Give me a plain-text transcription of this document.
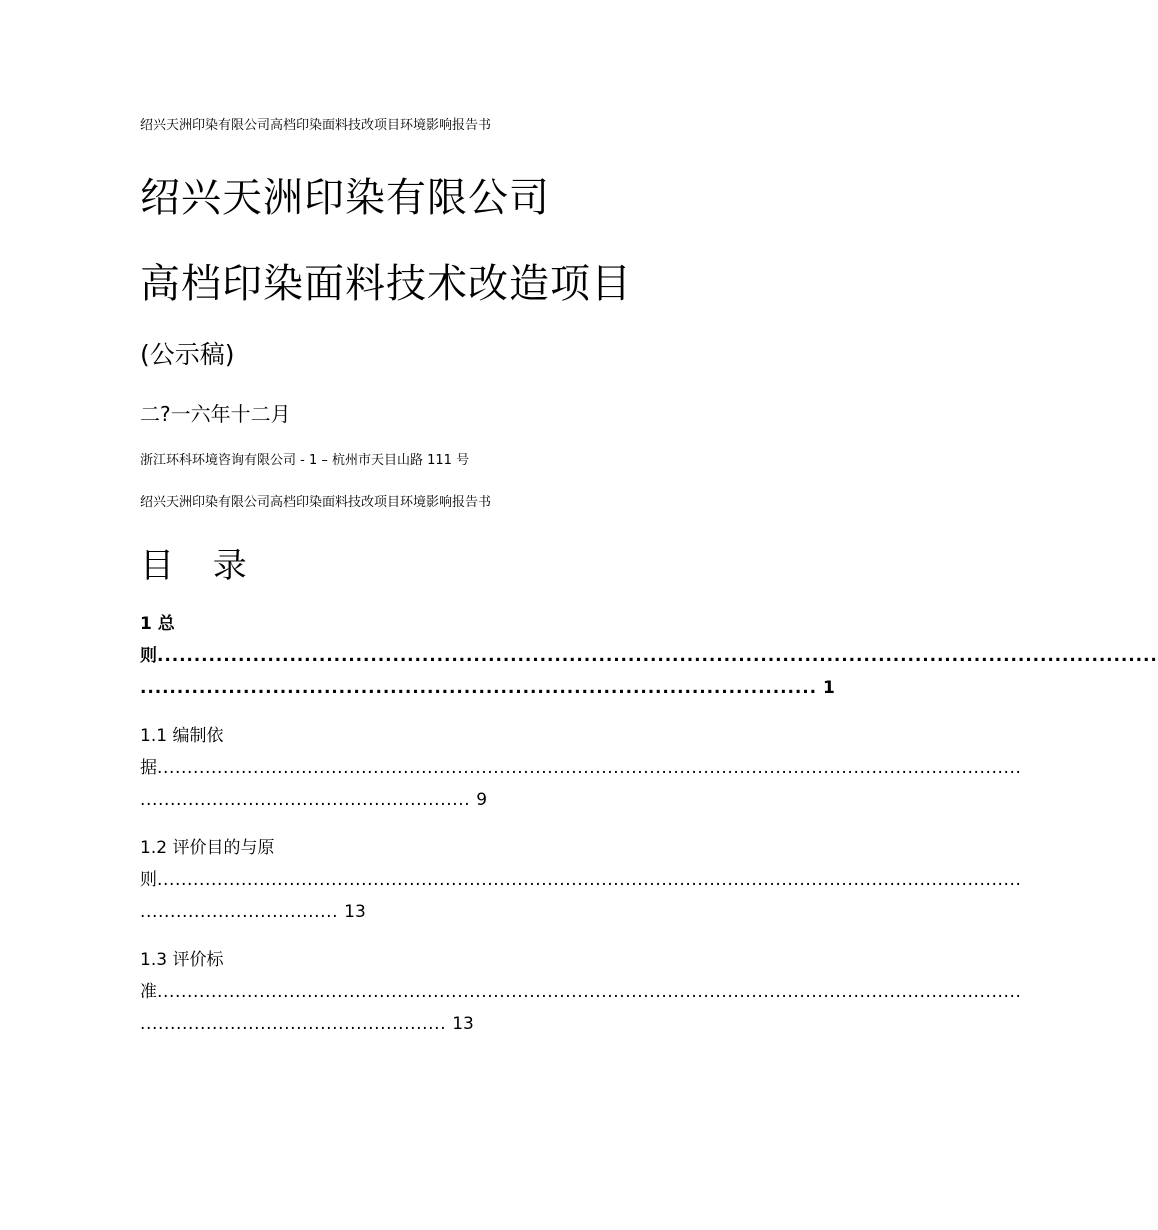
绍兴天洲印染有限公司高档印染面料技改项目环境影响报告书
绍兴天洲印染有限公司
高档印染面料技术改造项目
(公示稿)
二?一六年十二月
浙江环科环境咨询有限公司 - 1 – 杭州市天目山路 111 号
绍兴天洲印染有限公司高档印染面料技改项目环境影响报告书
目 录
1 总
则........................................................................................................................................
............................................................................................ 1
1.1 编制依
据................................................................................................................................................
....................................................... 9
1.2 评价目的与原
则................................................................................................................................................
................................. 13
1.3 评价标
准................................................................................................................................................
................................................... 13
